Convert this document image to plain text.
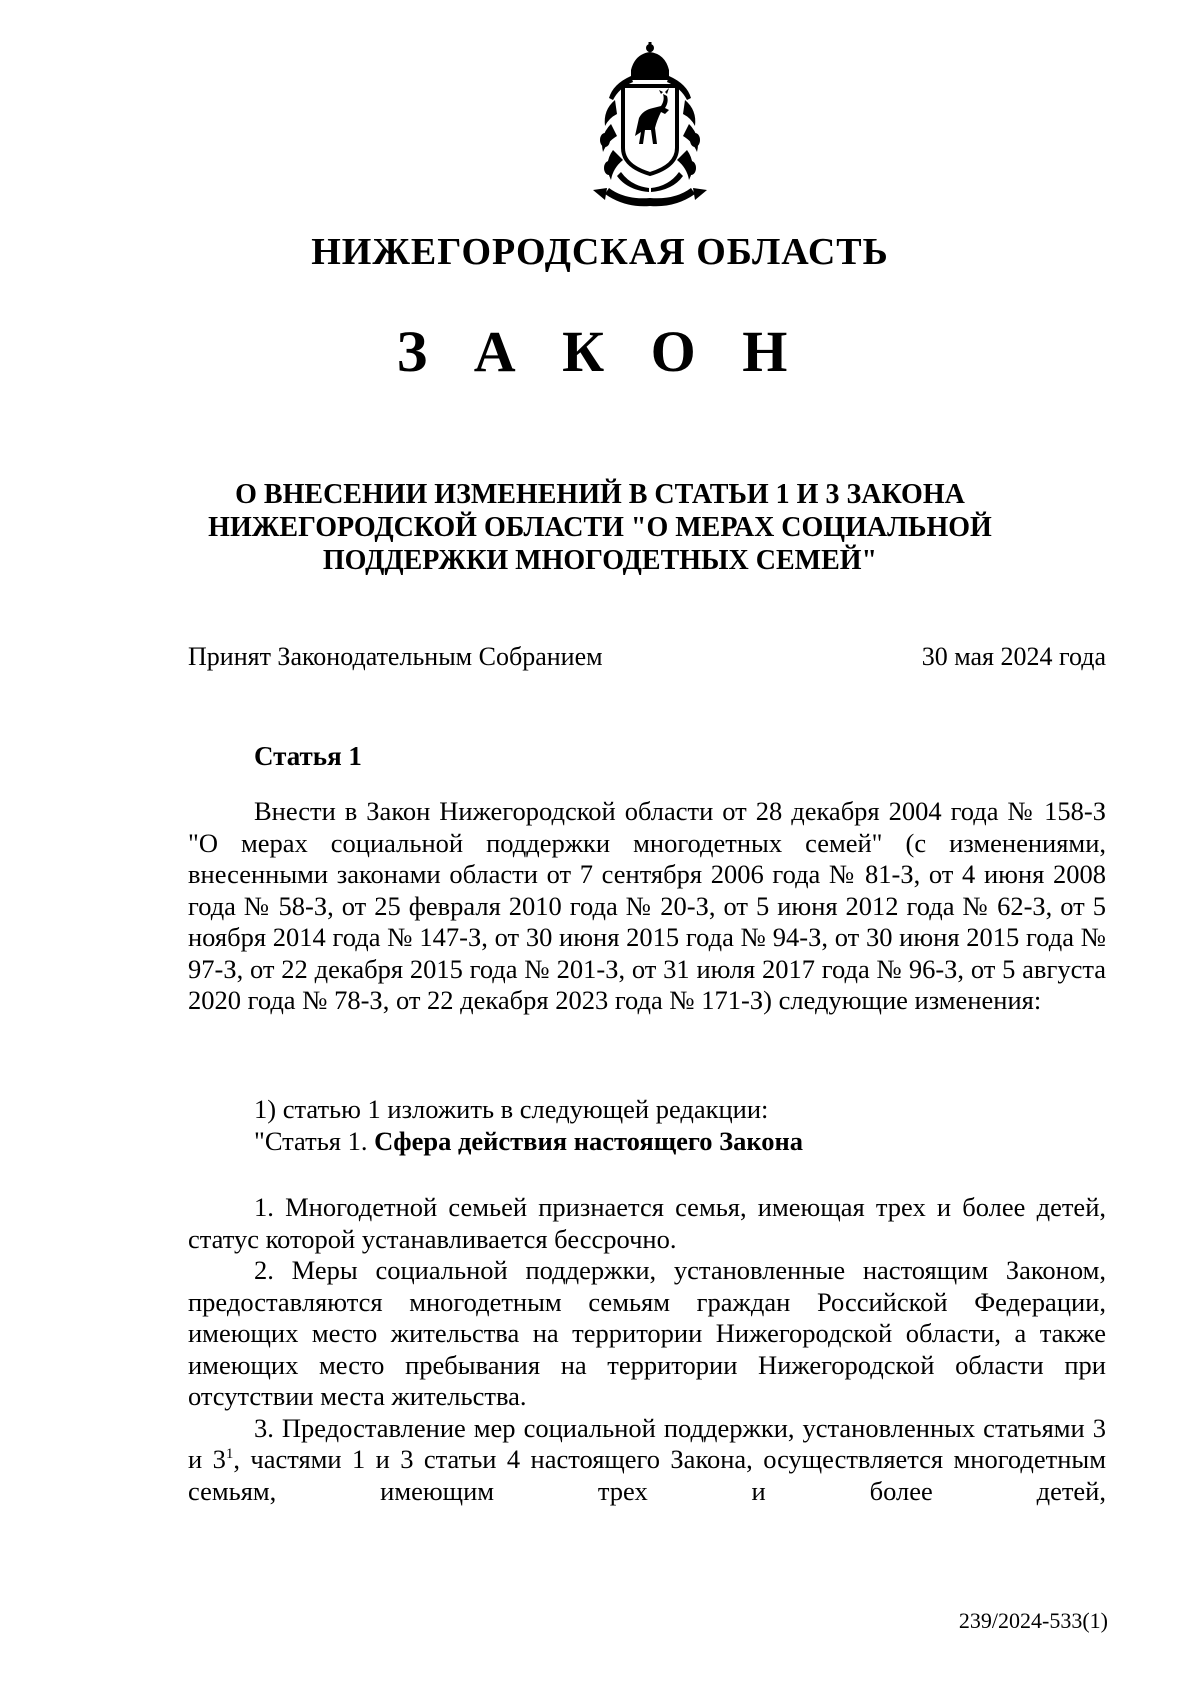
НИЖЕГОРОДСКАЯ ОБЛАСТЬ
З А К О Н
О ВНЕСЕНИИ ИЗМЕНЕНИЙ В СТАТЬИ 1 И 3 ЗАКОНА
НИЖЕГОРОДСКОЙ ОБЛАСТИ "О МЕРАХ СОЦИАЛЬНОЙ
ПОДДЕРЖКИ МНОГОДЕТНЫХ СЕМЕЙ"
Принят Законодательным Собранием	30 мая 2024 года
Статья 1

Внести в Закон Нижегородской области от 28 декабря 2004 года № 158-З "О мерах социальной поддержки многодетных семей" (с изменениями, внесенными законами области от 7 сентября 2006 года № 81-З, от 4 июня 2008 года № 58-З, от 25 февраля 2010 года № 20-З, от 5 июня 2012 года № 62-З, от 5 ноября 2014 года № 147-З, от 30 июня 2015 года № 94-З, от 30 июня 2015 года № 97-З, от 22 декабря 2015 года № 201-З, от 31 июля 2017 года № 96-З, от 5 августа 2020 года № 78-З, от 22 декабря 2023 года № 171-З) следующие изменения:

1) статью 1 изложить в следующей редакции:

"Статья 1. Сфера действия настоящего Закона

1. Многодетной семьей признается семья, имеющая трех и более детей, статус которой устанавливается бессрочно.

2. Меры социальной поддержки, установленные настоящим Законом, предоставляются многодетным семьям граждан Российской Федерации, имеющих место жительства на территории Нижегородской области, а также имеющих место пребывания на территории Нижегородской области при отсутствии места жительства.

3. Предоставление мер социальной поддержки, установленных статьями 3 и $3^1$, частями 1 и 3 статьи 4 настоящего Закона, осуществляется многодетным семьям, имеющим трех и более детей,

239/2024-533(1)
